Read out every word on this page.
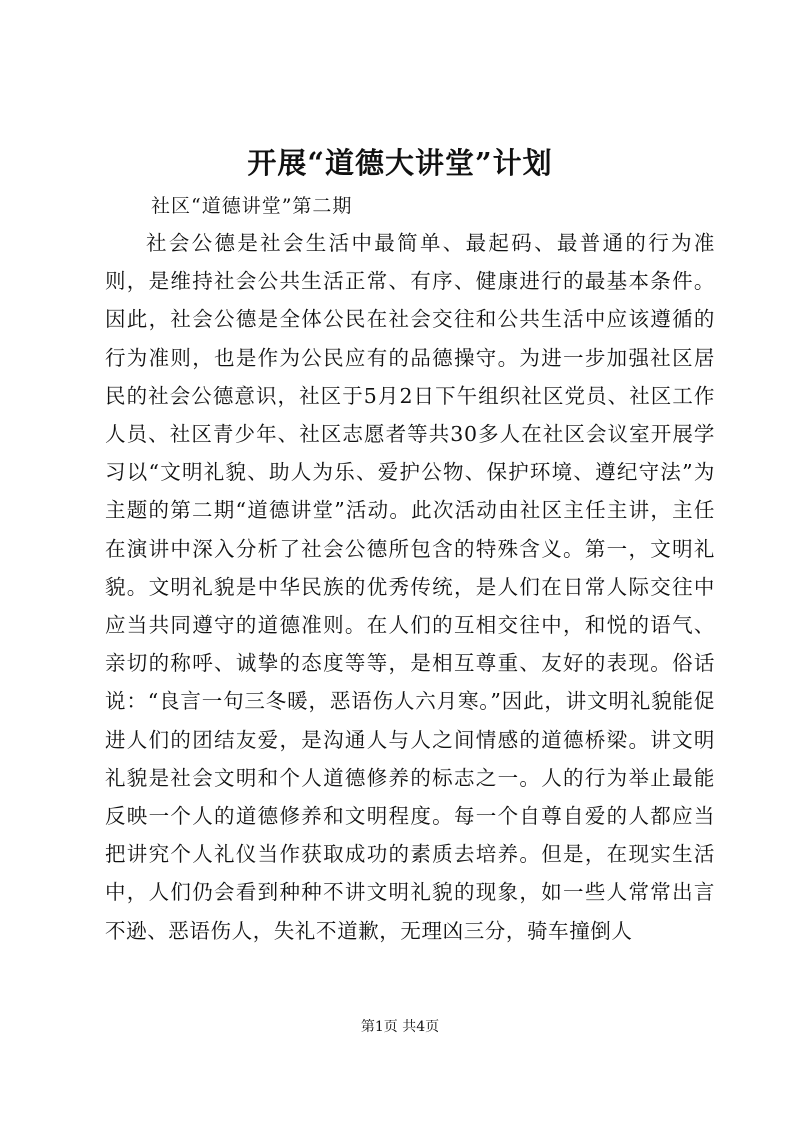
开展“道德大讲堂”计划
社区“道德讲堂”第二期

社会公德是社会生活中最简单、最起码、最普通的行为准则，是维持社会公共生活正常、有序、健康进行的最基本条件。因此，社会公德是全体公民在社会交往和公共生活中应该遵循的行为准则，也是作为公民应有的品德操守。为进一步加强社区居民的社会公德意识，社区于5月2日下午组织社区党员、社区工作人员、社区青少年、社区志愿者等共30多人在社区会议室开展学习以“文明礼貌、助人为乐、爱护公物、保护环境、遵纪守法”为主题的第二期“道德讲堂”活动。此次活动由社区主任主讲，主任在演讲中深入分析了社会公德所包含的特殊含义。第一，文明礼貌。文明礼貌是中华民族的优秀传统，是人们在日常人际交往中应当共同遵守的道德准则。在人们的互相交往中，和悦的语气、亲切的称呼、诚挚的态度等等，是相互尊重、友好的表现。俗话说：“良言一句三冬暖，恶语伤人六月寒。”因此，讲文明礼貌能促进人们的团结友爱，是沟通人与人之间情感的道德桥梁。讲文明礼貌是社会文明和个人道德修养的标志之一。人的行为举止最能反映一个人的道德修养和文明程度。每一个自尊自爱的人都应当把讲究个人礼仪当作获取成功的素质去培养。但是，在现实生活中，人们仍会看到种种不讲文明礼貌的现象，如一些人常常出言不逊、恶语伤人，失礼不道歉，无理凶三分，骑车撞倒人

第1页 共4页
